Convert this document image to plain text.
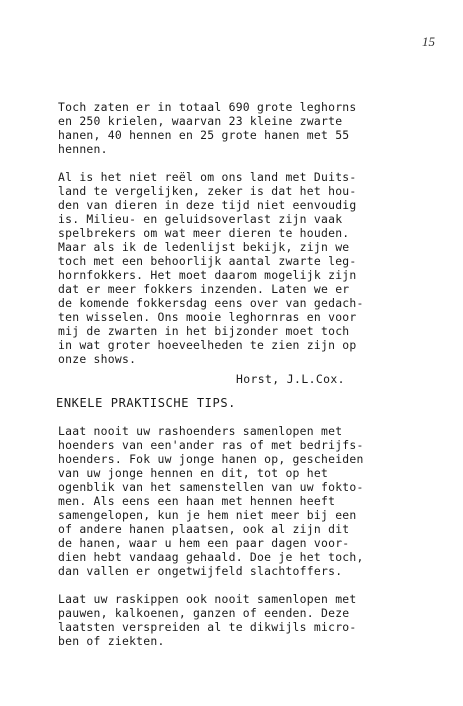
15
Toch zaten er in totaal 690 grote leghorns
en 250 krielen, waarvan 23 kleine zwarte
hanen, 40 hennen en 25 grote hanen met 55
hennen.
Al is het niet reël om ons land met Duits-
land te vergelijken, zeker is dat het hou-
den van dieren in deze tijd niet eenvoudig
is. Milieu- en geluidsoverlast zijn vaak
spelbrekers om wat meer dieren te houden.
Maar als ik de ledenlijst bekijk, zijn we
toch met een behoorlijk aantal zwarte leg-
hornfokkers. Het moet daarom mogelijk zijn
dat er meer fokkers inzenden. Laten we er
de komende fokkersdag eens over van gedach-
ten wisselen. Ons mooie leghornras en voor
mij de zwarten in het bijzonder moet toch
in wat groter hoeveelheden te zien zijn op
onze shows.
Horst, J.L.Cox.
ENKELE PRAKTISCHE TIPS.
Laat nooit uw rashoenders samenlopen met
hoenders van een'ander ras of met bedrijfs-
hoenders. Fok uw jonge hanen op, gescheiden
van uw jonge hennen en dit, tot op het
ogenblik van het samenstellen van uw fokto-
men. Als eens een haan met hennen heeft
samengelopen, kun je hem niet meer bij een
of andere hanen plaatsen, ook al zijn dit
de hanen, waar u hem een paar dagen voor-
dien hebt vandaag gehaald. Doe je het toch,
dan vallen er ongetwijfeld slachtoffers.
Laat uw raskippen ook nooit samenlopen met
pauwen, kalkoenen, ganzen of eenden. Deze
laatsten verspreiden al te dikwijls micro-
ben of ziekten.
